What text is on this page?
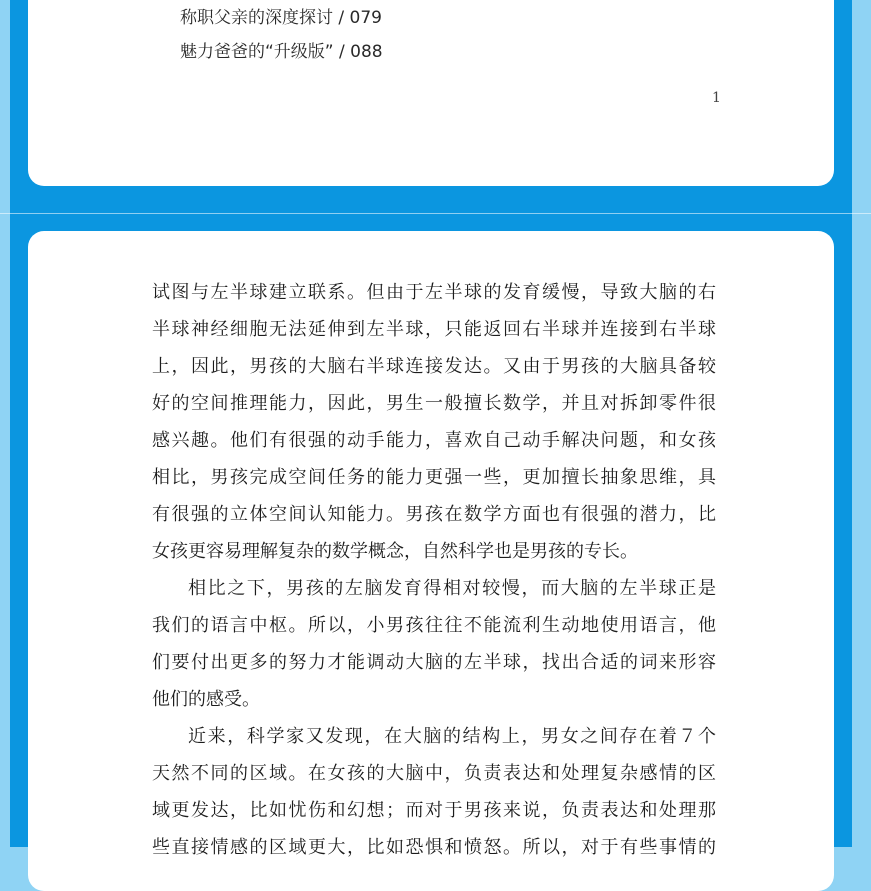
称职父亲的深度探讨 / 079
魅力爸爸的“升级版” / 088
1
试图与左半球建立联系。但由于左半球的发育缓慢，导致大脑的右
半球神经细胞无法延伸到左半球，只能返回右半球并连接到右半球
上，因此，男孩的大脑右半球连接发达。又由于男孩的大脑具备较
好的空间推理能力，因此，男生一般擅长数学，并且对拆卸零件很
感兴趣。他们有很强的动手能力，喜欢自己动手解决问题，和女孩
相比，男孩完成空间任务的能力更强一些，更加擅长抽象思维，具
有很强的立体空间认知能力。男孩在数学方面也有很强的潜力，比
女孩更容易理解复杂的数学概念，自然科学也是男孩的专长。
相比之下，男孩的左脑发育得相对较慢，而大脑的左半球正是
我们的语言中枢。所以，小男孩往往不能流利生动地使用语言，他
们要付出更多的努力才能调动大脑的左半球，找出合适的词来形容
他们的感受。
近来，科学家又发现，在大脑的结构上，男女之间存在着７个
天然不同的区域。在女孩的大脑中，负责表达和处理复杂感情的区
域更发达，比如忧伤和幻想；而对于男孩来说，负责表达和处理那
些直接情感的区域更大，比如恐惧和愤怒。所以，对于有些事情的
